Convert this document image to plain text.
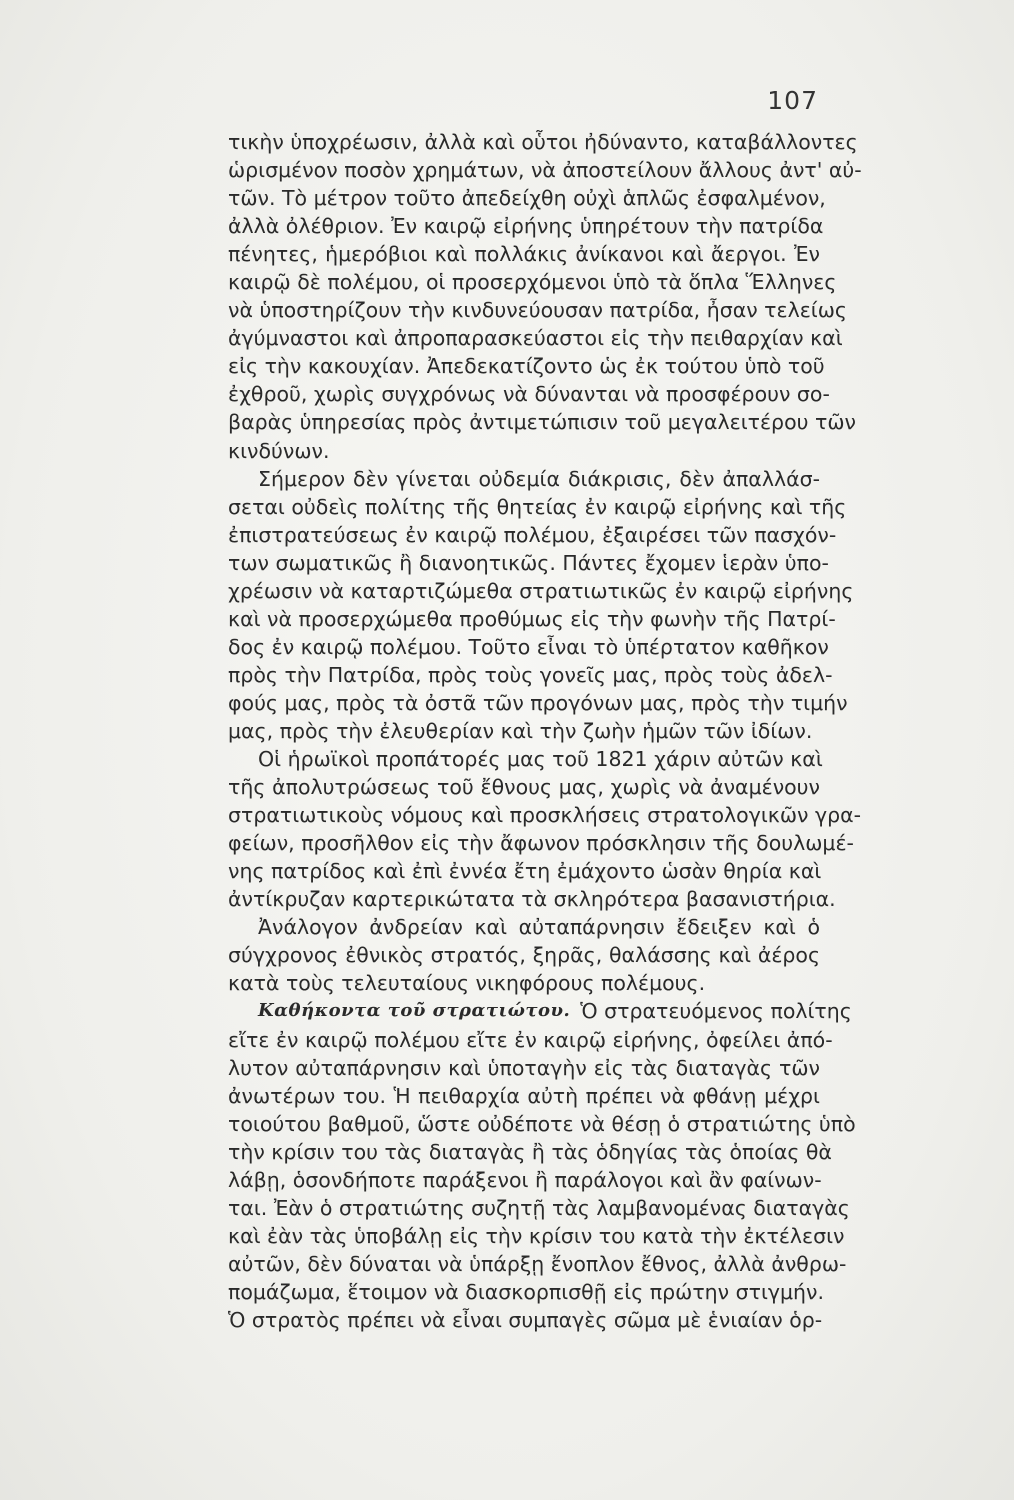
107
τικὴν ὑποχρέωσιν, ἀλλὰ καὶ οὗτοι ἠδύναντο, καταβάλλοντες
ὡρισμένον ποσὸν χρημάτων, νὰ ἀποστείλουν ἄλλους ἀντ' αὐ-
τῶν. Τὸ μέτρον τοῦτο ἀπεδείχθη οὐχὶ ἁπλῶς ἐσφαλμένον,
ἀλλὰ ὀλέθριον. Ἐν καιρῷ εἰρήνης ὑπηρέτουν τὴν πατρίδα
πένητες, ἡμερόβιοι καὶ πολλάκις ἀνίκανοι καὶ ἄεργοι. Ἐν
καιρῷ δὲ πολέμου, οἱ προσερχόμενοι ὑπὸ τὰ ὅπλα Ἕλληνες
νὰ ὑποστηρίζουν τὴν κινδυνεύουσαν πατρίδα, ἦσαν τελείως
ἀγύμναστοι καὶ ἀπροπαρασκεύαστοι εἰς τὴν πειθαρχίαν καὶ
εἰς τὴν κακουχίαν. Ἀπεδεκατίζοντο ὡς ἐκ τούτου ὑπὸ τοῦ
ἐχθροῦ, χωρὶς συγχρόνως νὰ δύνανται νὰ προσφέρουν σο-
βαρὰς ὑπηρεσίας πρὸς ἀντιμετώπισιν τοῦ μεγαλειτέρου τῶν
κινδύνων.
Σήμερον δὲν γίνεται οὐδεμία διάκρισις, δὲν ἀπαλλάσ-
σεται οὐδεὶς πολίτης τῆς θητείας ἐν καιρῷ εἰρήνης καὶ τῆς
ἐπιστρατεύσεως ἐν καιρῷ πολέμου, ἐξαιρέσει τῶν πασχόν-
των σωματικῶς ἢ διανοητικῶς. Πάντες ἔχομεν ἱερὰν ὑπο-
χρέωσιν νὰ καταρτιζώμεθα στρατιωτικῶς ἐν καιρῷ εἰρήνης
καὶ νὰ προσερχώμεθα προθύμως εἰς τὴν φωνὴν τῆς Πατρί-
δος ἐν καιρῷ πολέμου. Τοῦτο εἶναι τὸ ὑπέρτατον καθῆκον
πρὸς τὴν Πατρίδα, πρὸς τοὺς γονεῖς μας, πρὸς τοὺς ἀδελ-
φούς μας, πρὸς τὰ ὀστᾶ τῶν προγόνων μας, πρὸς τὴν τιμήν
μας, πρὸς τὴν ἐλευθερίαν καὶ τὴν ζωὴν ἡμῶν τῶν ἰδίων.
Οἱ ἡρωϊκοὶ προπάτορές μας τοῦ 1821 χάριν αὐτῶν καὶ
τῆς ἀπολυτρώσεως τοῦ ἔθνους μας, χωρὶς νὰ ἀναμένουν
στρατιωτικοὺς νόμους καὶ προσκλήσεις στρατολογικῶν γρα-
φείων, προσῆλθον εἰς τὴν ἄφωνον πρόσκλησιν τῆς δουλωμέ-
νης πατρίδος καὶ ἐπὶ ἐννέα ἔτη ἐμάχοντο ὡσὰν θηρία καὶ
ἀντίκρυζαν καρτερικώτατα τὰ σκληρότερα βασανιστήρια.
Ἀνάλογον ἀνδρείαν καὶ αὐταπάρνησιν ἔδειξεν καὶ ὁ
σύγχρονος ἐθνικὸς στρατός, ξηρᾶς, θαλάσσης καὶ ἀέρος
κατὰ τοὺς τελευταίους νικηφόρους πολέμους.
Καθήκοντα τοῦ στρατιώτου. Ὁ στρατευόμενος πολίτης
εἴτε ἐν καιρῷ πολέμου εἴτε ἐν καιρῷ εἰρήνης, ὀφείλει ἀπό-
λυτον αὐταπάρνησιν καὶ ὑποταγὴν εἰς τὰς διαταγὰς τῶν
ἀνωτέρων του. Ἡ πειθαρχία αὐτὴ πρέπει νὰ φθάνῃ μέχρι
τοιούτου βαθμοῦ, ὥστε οὐδέποτε νὰ θέσῃ ὁ στρατιώτης ὑπὸ
τὴν κρίσιν του τὰς διαταγὰς ἢ τὰς ὁδηγίας τὰς ὁποίας θὰ
λάβῃ, ὁσονδήποτε παράξενοι ἢ παράλογοι καὶ ἂν φαίνων-
ται. Ἐὰν ὁ στρατιώτης συζητῇ τὰς λαμβανομένας διαταγὰς
καὶ ἐὰν τὰς ὑποβάλῃ εἰς τὴν κρίσιν του κατὰ τὴν ἐκτέλεσιν
αὐτῶν, δὲν δύναται νὰ ὑπάρξῃ ἔνοπλον ἔθνος, ἀλλὰ ἀνθρω-
πομάζωμα, ἕτοιμον νὰ διασκορπισθῇ εἰς πρώτην στιγμήν.
Ὁ στρατὸς πρέπει νὰ εἶναι συμπαγὲς σῶμα μὲ ἑνιαίαν ὁρ-
